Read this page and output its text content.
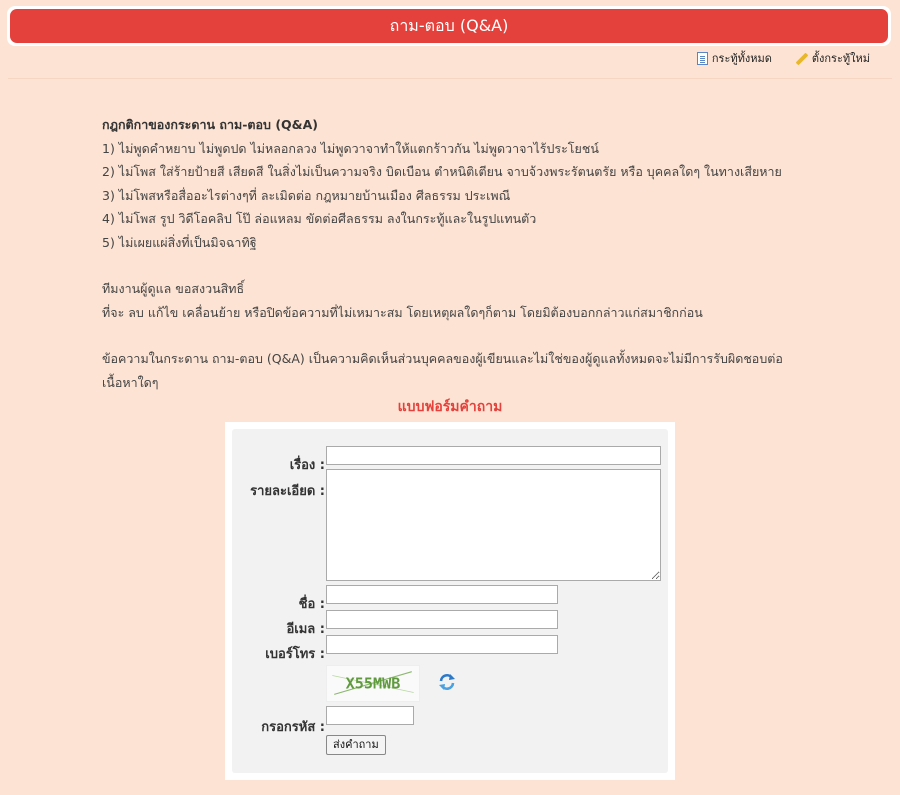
ถาม-ตอบ (Q&A)
กระทู้ทั้งหมด	ตั้งกระทู้ใหม่
กฎกติกาของกระดาน ถาม-ตอบ (Q&A)
1) ไม่พูดคำหยาบ ไม่พูดปด ไม่หลอกลวง ไม่พูดวาจาทำให้แตกร้าวกัน ไม่พูดวาจาไร้ประโยชน์
2) ไม่โพส ใส่ร้ายป้ายสี เสียดสี ในสิ่งไม่เป็นความจริง บิดเบือน ตำหนิติเตียน จาบจ้วงพระรัตนตรัย หรือ บุคคลใดๆ ในทางเสียหาย
3) ไม่โพสหรือสื่ออะไรต่างๆที่ ละเมิดต่อ กฎหมายบ้านเมือง ศีลธรรม ประเพณี
4) ไม่โพส รูป วิดีโอคลิป โป๊ ล่อแหลม ขัดต่อศีลธรรม ลงในกระทู้และในรูปแทนตัว
5) ไม่เผยแผ่สิ่งที่เป็นมิจฉาทิฐิ
ทีมงานผู้ดูแล ขอสงวนสิทธิ์
ที่จะ ลบ แก้ไข เคลื่อนย้าย หรือปิดข้อความที่ไม่เหมาะสม โดยเหตุผลใดๆก็ตาม โดยมิต้องบอกกล่าวแก่สมาชิกก่อน
ข้อความในกระดาน ถาม-ตอบ (Q&A) เป็นความคิดเห็นส่วนบุคคลของผู้เขียนและไม่ใช่ของผู้ดูแลทั้งหมดจะไม่มีการรับผิดชอบต่อ
เนื้อหาใดๆ
แบบฟอร์มคำถาม
เรื่อง :
รายละเอียด :
ชื่อ :
อีเมล :
เบอร์โทร :
X55MWB
กรอกรหัส :
ส่งคำถาม
